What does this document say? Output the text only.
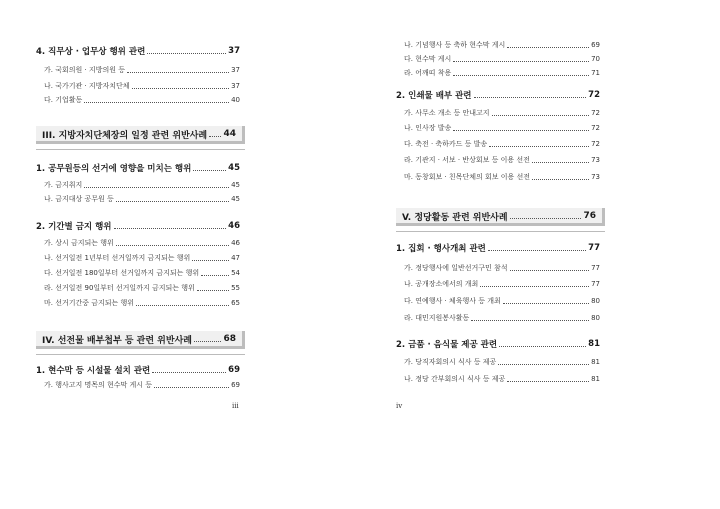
4. 직무상 · 업무상 행위 관련	37
가. 국회의원 · 지방의원 등	37
나. 국가기관 · 지방자치단체	37
다. 기업활동	40
III. 지방자치단체장의 일정 관련 위반사례 44
1. 공무원등의 선거에 영향을 미치는 행위	45
가. 금지취지	45
나. 금지대상 공무원 등	45
2. 기간별 금지 행위	46
가. 상시 금지되는 행위	46
나. 선거일전 1년부터 선거일까지 금지되는 행위	47
다. 선거일전 180일부터 선거일까지 금지되는 행위	54
라. 선거일전 90일부터 선거일까지 금지되는 행위	55
마. 선거기간중 금지되는 행위	65
IV. 선전물 배부첩부 등 관련 위반사례	68
1. 현수막 등 시설물 설치 관련	69
가. 행사고지 명목의 현수막 게시 등	69
iii
나. 기념행사 등 축하 현수막 게시	69
다. 현수막 게시	70
라. 어깨띠 착용	71
2. 인쇄물 배부 관련	72
가. 사무소 개소 등 안내고지	72
나. 인사장 발송	72
다. 축전 · 축하카드 등 발송	72
라. 기관지 · 서보 · 반상회보 등 이용 선전	73
마. 동창회보 · 친목단체의 회보 이용 선전	73
V. 정당활동 관련 위반사례	76
1. 집회 · 행사개최 관련	77
가. 정당행사에 일반선거구민 참석	77
나. 공개장소에서의 개최	77
다. 연예행사 · 체육행사 등 개최	80
라. 대민지원봉사활동	80
2. 금품 · 음식물 제공 관련	81
가. 당직자회의시 식사 등 제공	81
나. 정당 간부회의시 식사 등 제공	81
iv
